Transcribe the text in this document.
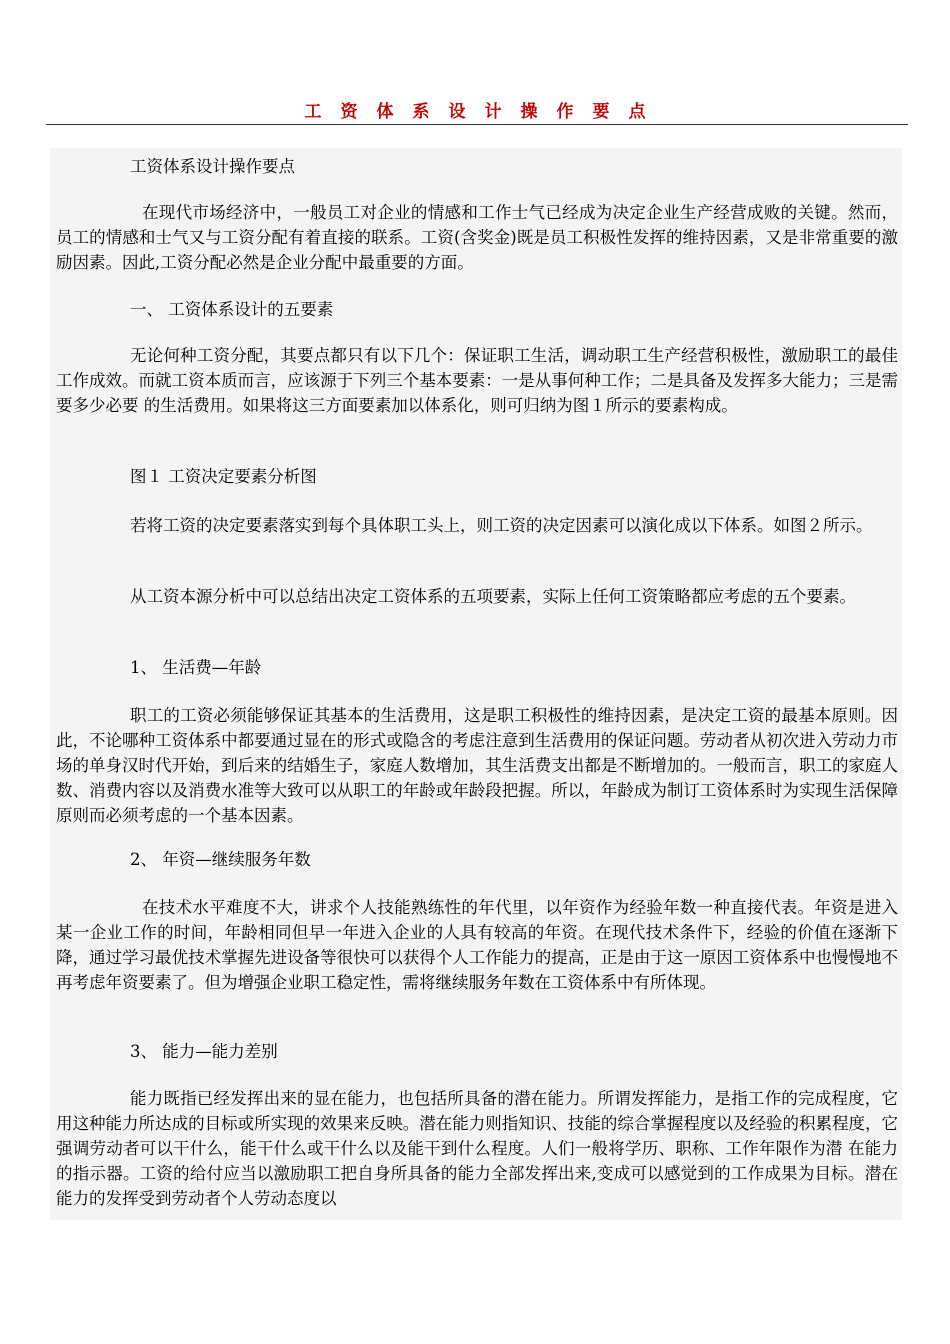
工资体系设计操作要点

工资体系设计操作要点

在现代市场经济中，一般员工对企业的情感和工作士气已经成为决定企业生产经营成败的关键。然而，员工的情感和士气又与工资分配有着直接的联系。工资(含奖金)既是员工积极性发挥的维持因素，又是非常重要的激励因素。因此,工资分配必然是企业分配中最重要的方面。

一、 工资体系设计的五要素

无论何种工资分配，其要点都只有以下几个：保证职工生活，调动职工生产经营积极性，激励职工的最佳工作成效。而就工资本质而言，应该源于下列三个基本要素：一是从事何种工作；二是具备及发挥多大能力；三是需要多少必要 的生活费用。如果将这三方面要素加以体系化，则可归纳为图１所示的要素构成。

图１ 工资决定要素分析图

若将工资的决定要素落实到每个具体职工头上，则工资的决定因素可以演化成以下体系。如图２所示。

从工资本源分析中可以总结出决定工资体系的五项要素，实际上任何工资策略都应考虑的五个要素。

1、 生活费—年龄

职工的工资必须能够保证其基本的生活费用，这是职工积极性的维持因素，是决定工资的最基本原则。因此，不论哪种工资体系中都要通过显在的形式或隐含的考虑注意到生活费用的保证问题。劳动者从初次进入劳动力市场的单身汉时代开始，到后来的结婚生子，家庭人数增加，其生活费支出都是不断增加的。一般而言，职工的家庭人数、消费内容以及消费水准等大致可以从职工的年龄或年龄段把握。所以，年龄成为制订工资体系时为实现生活保障原则而必须考虑的一个基本因素。

2、 年资—继续服务年数

在技术水平难度不大，讲求个人技能熟练性的年代里，以年资作为经验年数一种直接代表。年资是进入某一企业工作的时间，年龄相同但早一年进入企业的人具有较高的年资。在现代技术条件下，经验的价值在逐渐下降，通过学习最优技术掌握先进设备等很快可以获得个人工作能力的提高，正是由于这一原因工资体系中也慢慢地不再考虑年资要素了。但为增强企业职工稳定性，需将继续服务年数在工资体系中有所体现。

3、 能力—能力差别

能力既指已经发挥出来的显在能力，也包括所具备的潜在能力。所谓发挥能力，是指工作的完成程度，它用这种能力所达成的目标或所实现的效果来反映。潜在能力则指知识、技能的综合掌握程度以及经验的积累程度，它强调劳动者可以干什么，能干什么或干什么以及能干到什么程度。人们一般将学历、职称、工作年限作为潜 在能力的指示器。工资的给付应当以激励职工把自身所具备的能力全部发挥出来,变成可以感觉到的工作成果为目标。潜在能力的发挥受到劳动者个人劳动态度以
